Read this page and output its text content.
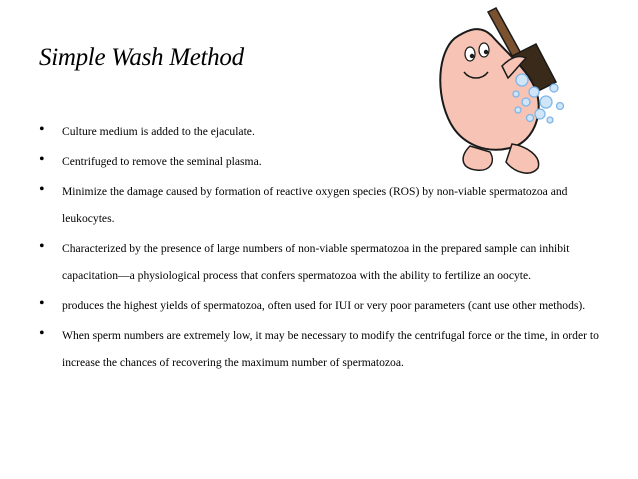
Simple Wash Method
• Culture medium is added to the ejaculate.
• Centrifuged to remove the seminal plasma.
• Minimize the damage caused by formation of reactive oxygen species (ROS) by non-viable spermatozoa and leukocytes.
• Characterized by the presence of large numbers of non-viable spermatozoa in the prepared sample can inhibit capacitation—a physiological process that confers spermatozoa with the ability to fertilize an oocyte.
• produces the highest yields of spermatozoa, often used for IUI or very poor parameters (cant use other methods).
• When sperm numbers are extremely low, it may be necessary to modify the centrifugal force or the time, in order to increase the chances of recovering the maximum number of spermatozoa.
